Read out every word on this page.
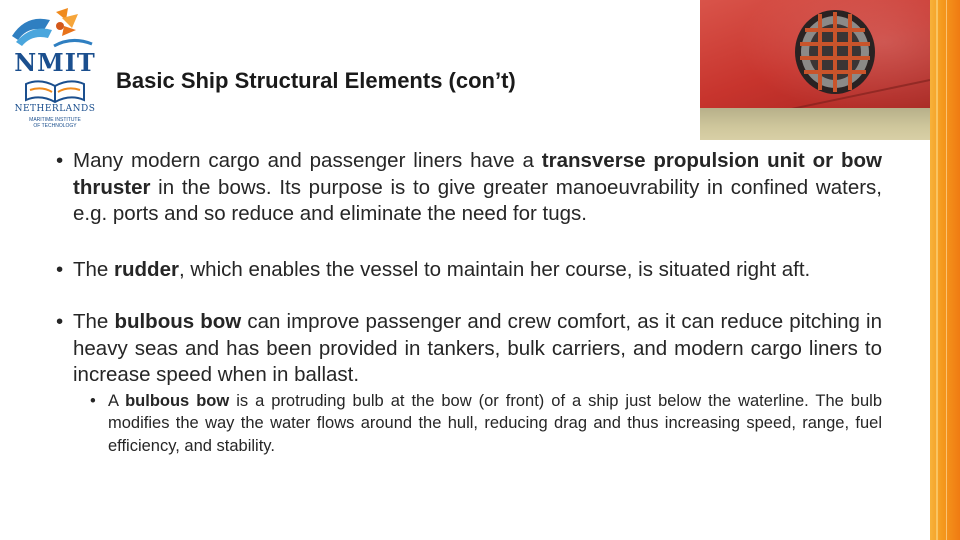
NMIT
NETHERLANDS
MARITIME INSTITUTE
OF TECHNOLOGY
Basic Ship Structural Elements (con’t)
• Many modern cargo and passenger liners have a transverse propulsion unit or bow thruster in the bows. Its purpose is to give greater manoeuvrability in confined waters, e.g. ports and so reduce and eliminate the need for tugs.
• The rudder, which enables the vessel to maintain her course, is situated right aft.
• The bulbous bow can improve passenger and crew comfort, as it can reduce pitching in heavy seas and has been provided in tankers, bulk carriers, and modern cargo liners to increase speed when in ballast.
• A bulbous bow is a protruding bulb at the bow (or front) of a ship just below the waterline. The bulb modifies the way the water flows around the hull, reducing drag and thus increasing speed, range, fuel efficiency, and stability.
